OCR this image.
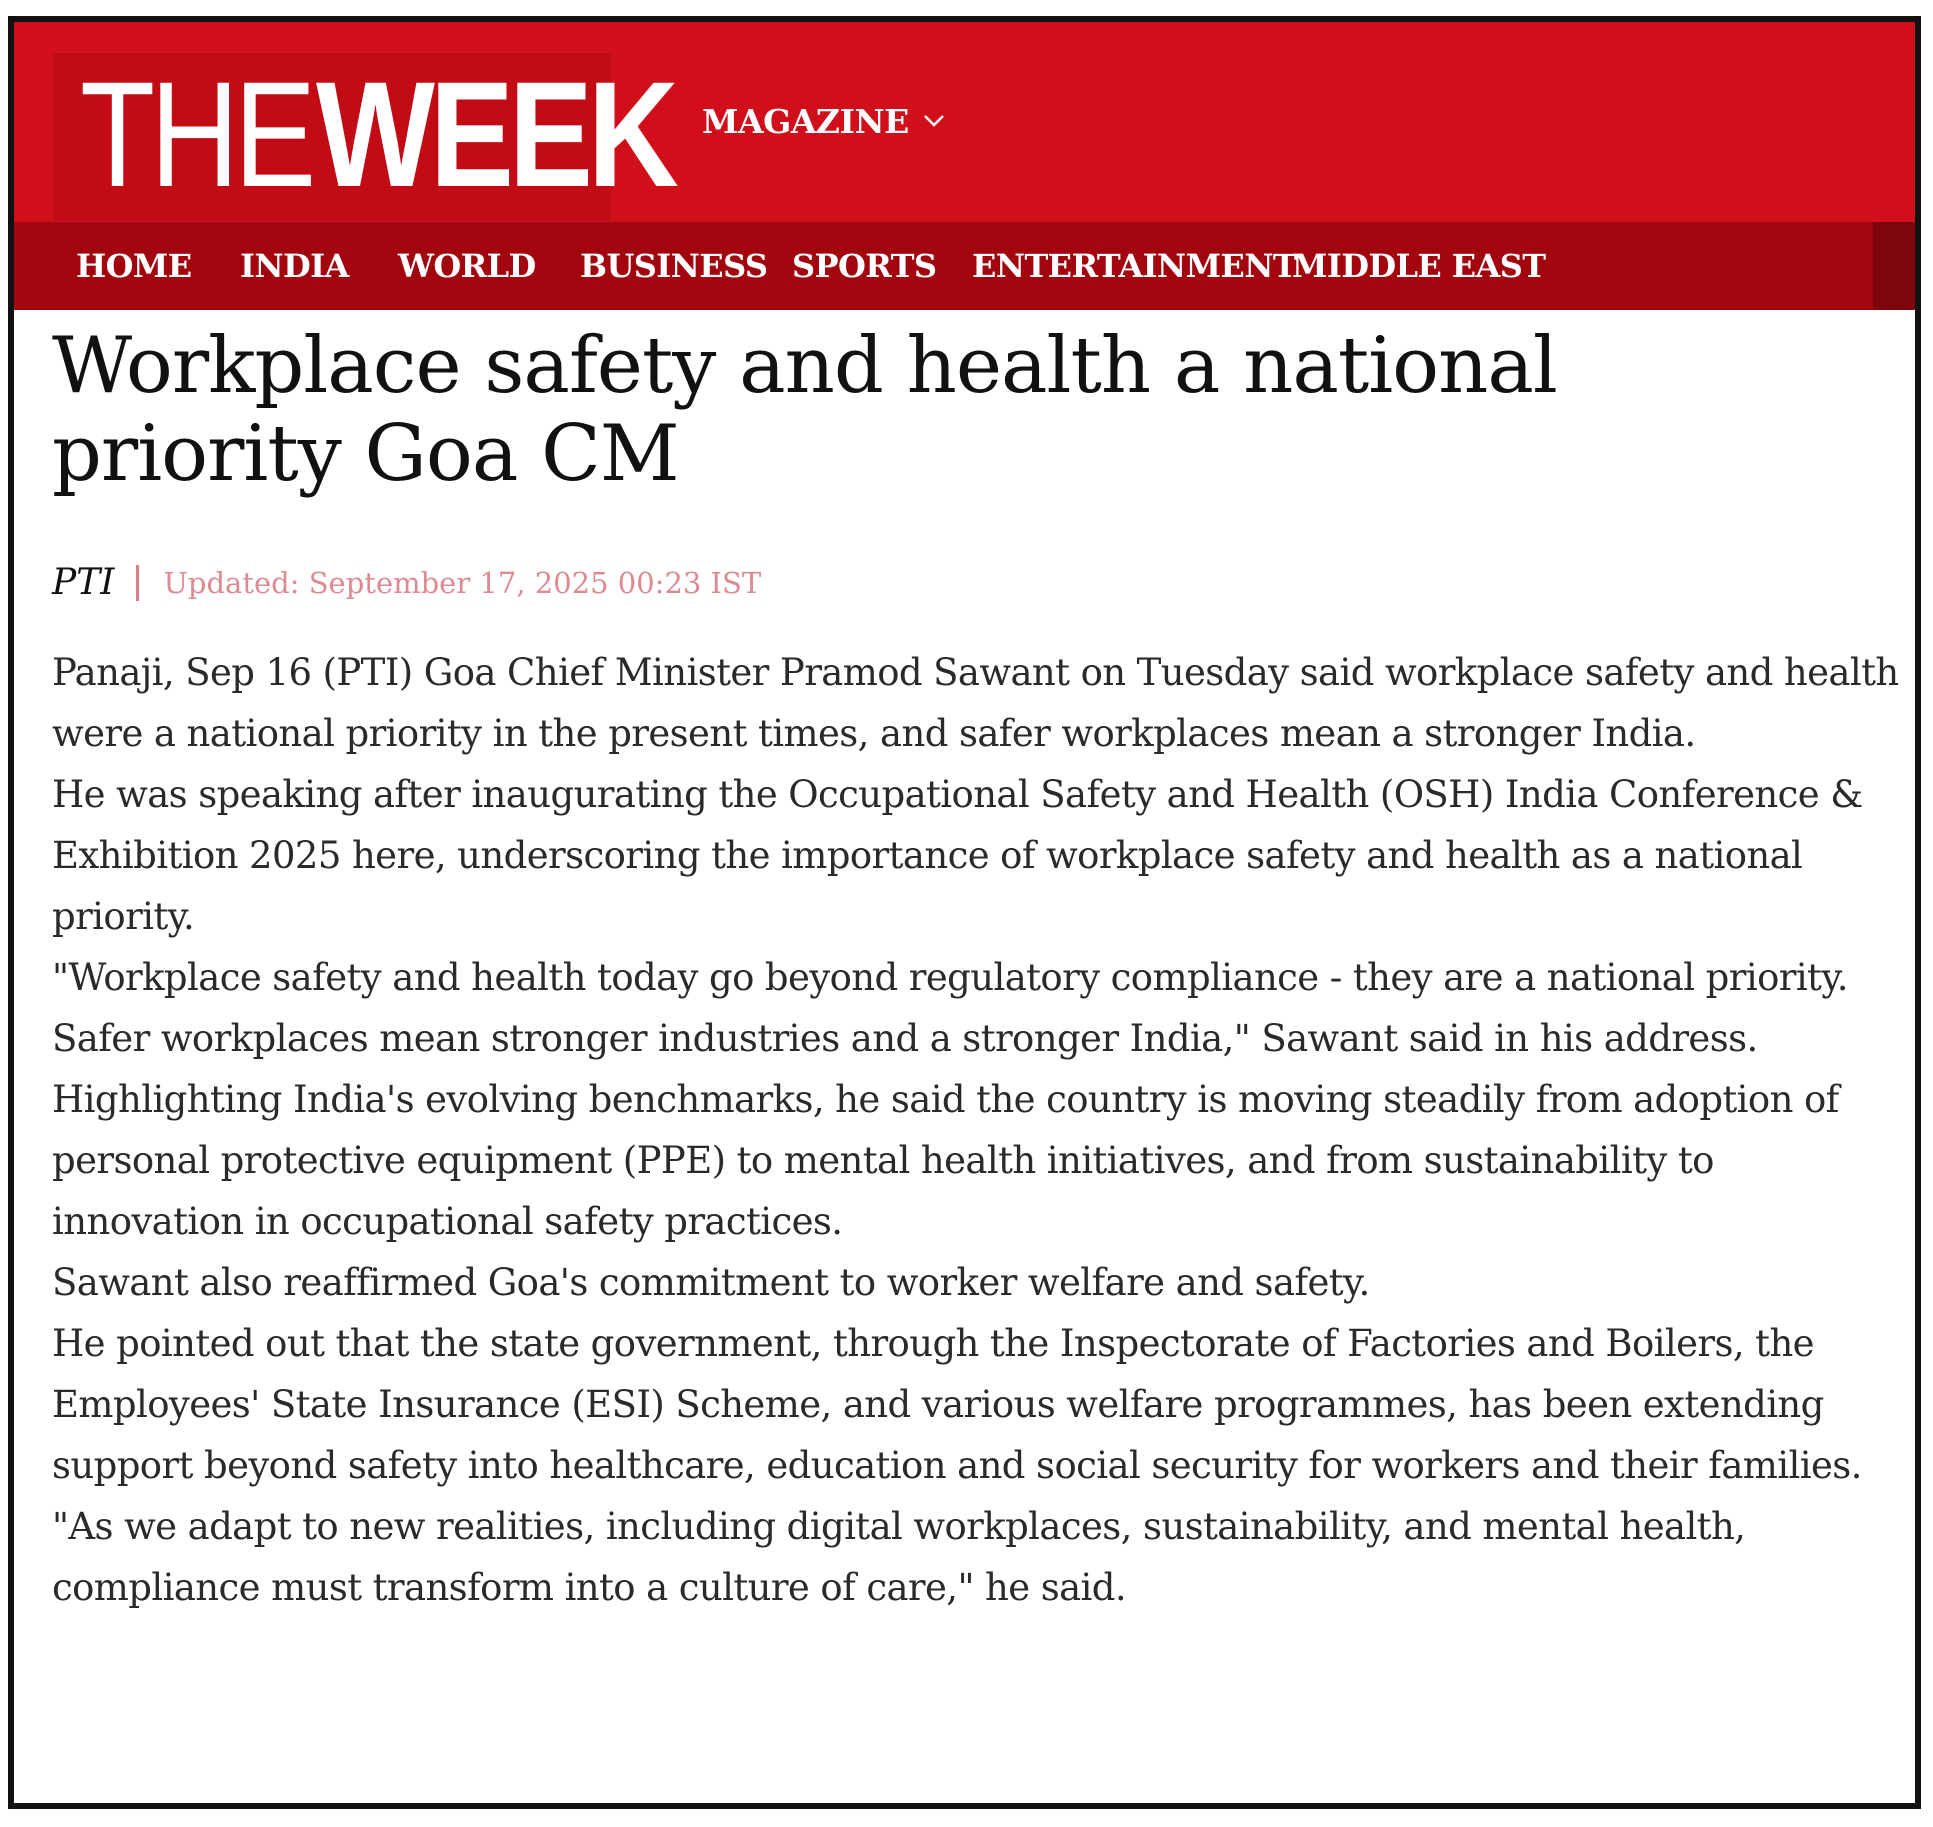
THEWEEK MAGAZINE
HOME INDIA WORLD BUSINESS SPORTS ENTERTAINMENT
MIDDLE EAST
Workplace safety and health a national priority Goa CM
PTI Updated: September 17, 2025 00:23 IST

Panaji, Sep 16 (PTI) Goa Chief Minister Pramod Sawant on Tuesday said workplace safety and health were a national priority in the present times, and safer workplaces mean a stronger India.

He was speaking after inaugurating the Occupational Safety and Health (OSH) India Conference & Exhibition 2025 here, underscoring the importance of workplace safety and health as a national priority.

"Workplace safety and health today go beyond regulatory compliance - they are a national priority. Safer workplaces mean stronger industries and a stronger India," Sawant said in his address.

Highlighting India's evolving benchmarks, he said the country is moving steadily from adoption of personal protective equipment (PPE) to mental health initiatives, and from sustainability to innovation in occupational safety practices.

Sawant also reaffirmed Goa's commitment to worker welfare and safety.

He pointed out that the state government, through the Inspectorate of Factories and Boilers, the Employees' State Insurance (ESI) Scheme, and various welfare programmes, has been extending support beyond safety into healthcare, education and social security for workers and their families.

"As we adapt to new realities, including digital workplaces, sustainability, and mental health, compliance must transform into a culture of care," he said.
